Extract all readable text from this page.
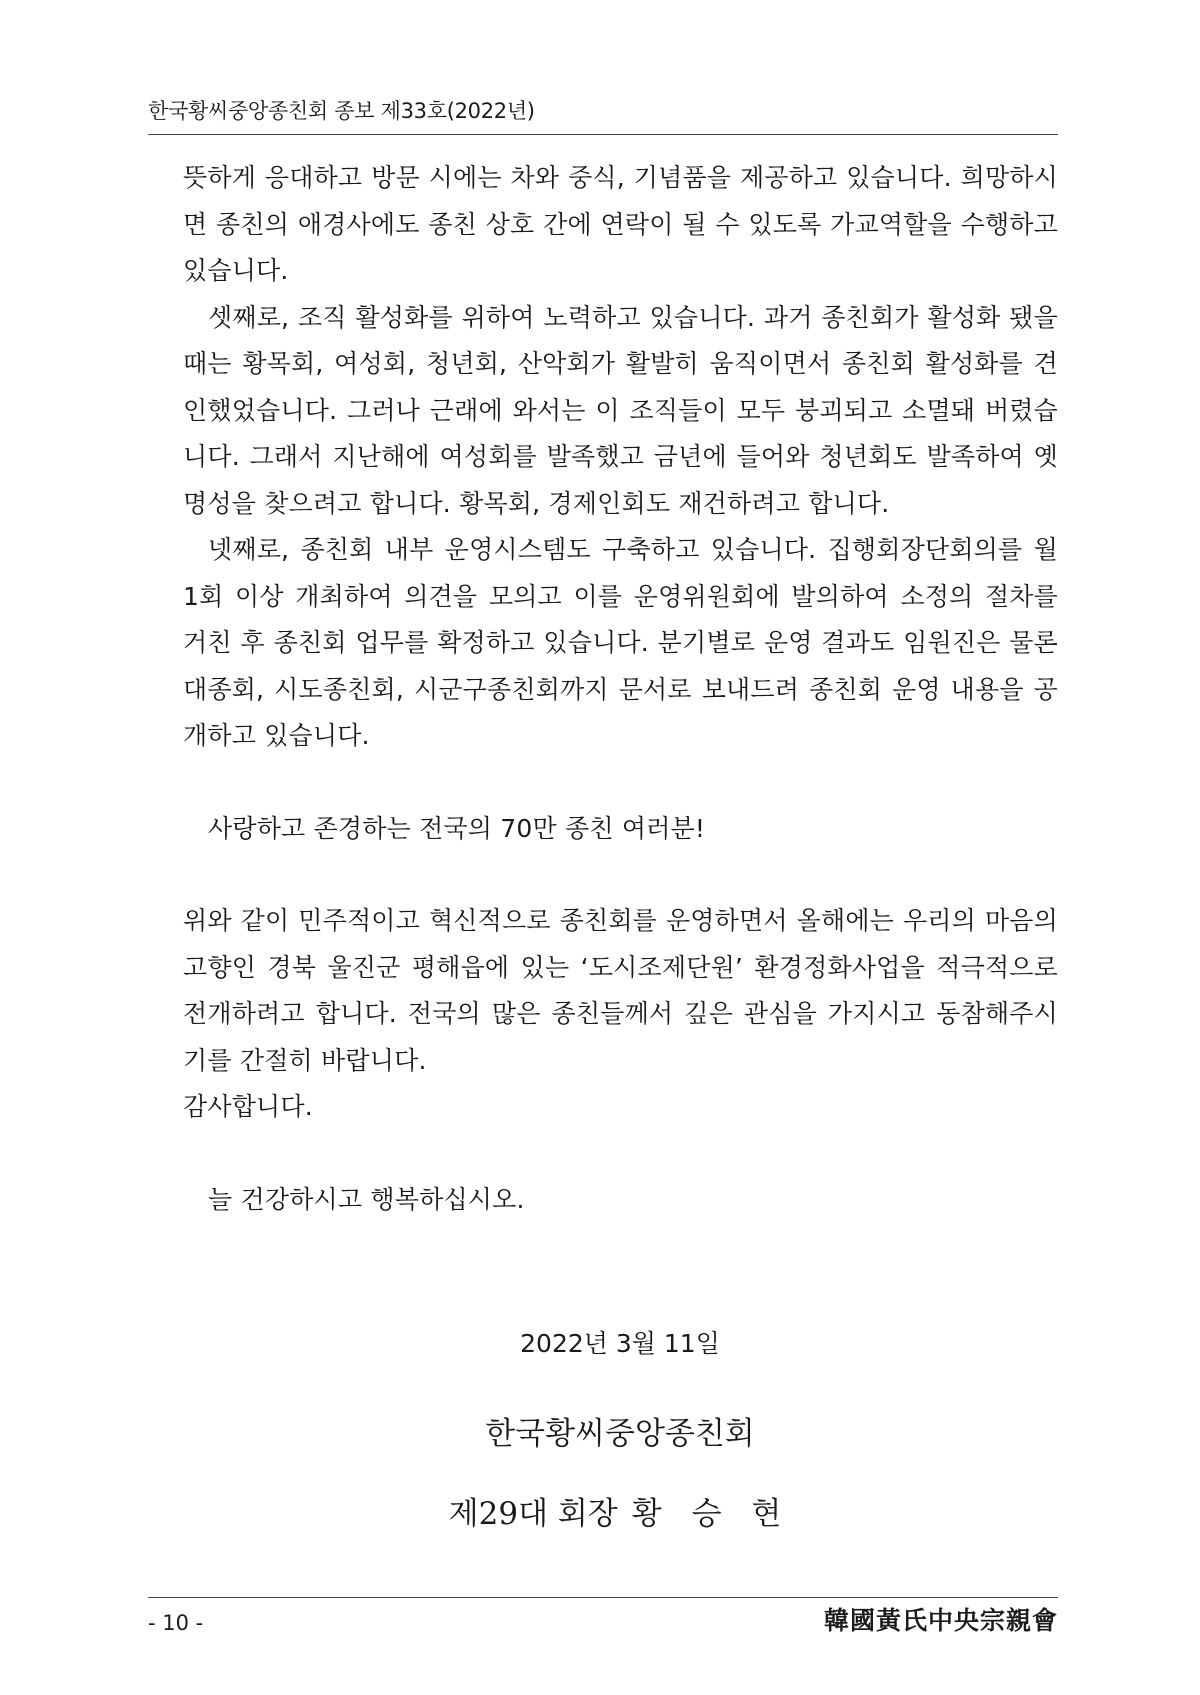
한국황씨중앙종친회 종보 제33호(2022년)

뜻하게 응대하고 방문 시에는 차와 중식, 기념품을 제공하고 있습니다. 희망하시면 종친의 애경사에도 종친 상호 간에 연락이 될 수 있도록 가교역할을 수행하고 있습니다.

셋째로, 조직 활성화를 위하여 노력하고 있습니다. 과거 종친회가 활성화 됐을 때는 황목회, 여성회, 청년회, 산악회가 활발히 움직이면서 종친회 활성화를 견인했었습니다. 그러나 근래에 와서는 이 조직들이 모두 붕괴되고 소멸돼 버렸습니다. 그래서 지난해에 여성회를 발족했고 금년에 들어와 청년회도 발족하여 옛 명성을 찾으려고 합니다. 황목회, 경제인회도 재건하려고 합니다.

넷째로, 종친회 내부 운영시스템도 구축하고 있습니다. 집행회장단회의를 월 1회 이상 개최하여 의견을 모의고 이를 운영위원회에 발의하여 소정의 절차를 거친 후 종친회 업무를 확정하고 있습니다. 분기별로 운영 결과도 임원진은 물론 대종회, 시도종친회, 시군구종친회까지 문서로 보내드려 종친회 운영 내용을 공개하고 있습니다.

사랑하고 존경하는 전국의 70만 종친 여러분!

위와 같이 민주적이고 혁신적으로 종친회를 운영하면서 올해에는 우리의 마음의 고향인 경북 울진군 평해읍에 있는 ‘도시조제단원’ 환경정화사업을 적극적으로 전개하려고 합니다. 전국의 많은 종친들께서 깊은 관심을 가지시고 동참해주시기를 간절히 바랍니다.

감사합니다.

늘 건강하시고 행복하십시오.

2022년 3월 11일
한국황씨중앙종친회
제29대 회장 황 승 현
- 10 -	韓國黃氏中央宗親會
